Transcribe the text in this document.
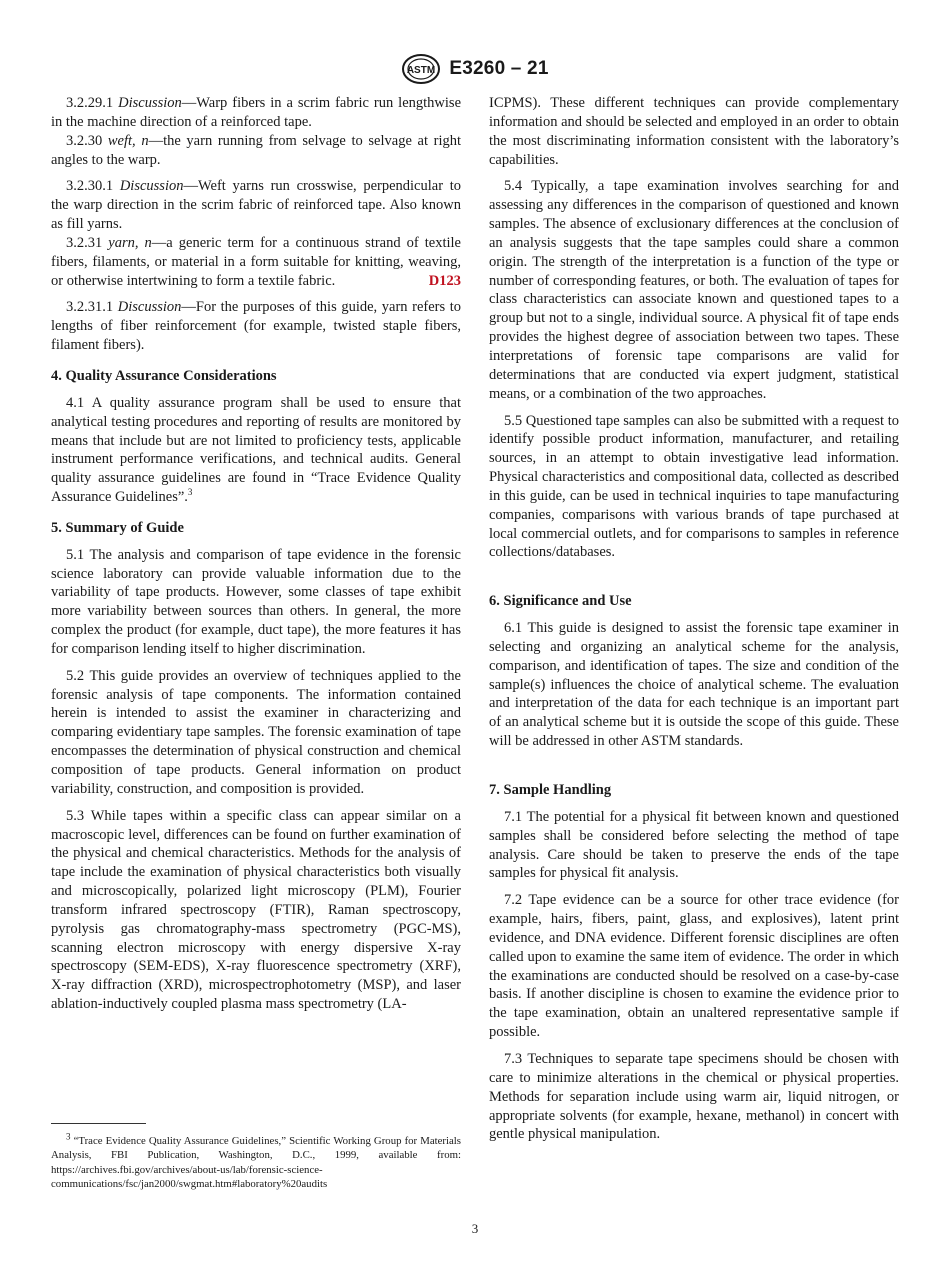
ASTM E3260 – 21

3.2.29.1 Discussion—Warp fibers in a scrim fabric run lengthwise in the machine direction of a reinforced tape.

3.2.30 weft, n—the yarn running from selvage to selvage at right angles to the warp.

3.2.30.1 Discussion—Weft yarns run crosswise, perpendicular to the warp direction in the scrim fabric of reinforced tape. Also known as fill yarns.

3.2.31 yarn, n—a generic term for a continuous strand of textile fibers, filaments, or material in a form suitable for knitting, weaving, or otherwise intertwining to form a textile fabric.	D123

3.2.31.1 Discussion—For the purposes of this guide, yarn refers to lengths of fiber reinforcement (for example, twisted staple fibers, filament fibers).

4. Quality Assurance Considerations

4.1 A quality assurance program shall be used to ensure that analytical testing procedures and reporting of results are monitored by means that include but are not limited to proficiency tests, applicable instrument performance verifications, and technical audits. General quality assurance guidelines are found in “Trace Evidence Quality Assurance Guidelines”.$^3$

5. Summary of Guide

5.1 The analysis and comparison of tape evidence in the forensic science laboratory can provide valuable information due to the variability of tape products. However, some classes of tape exhibit more variability between sources than others. In general, the more complex the product (for example, duct tape), the more features it has for comparison lending itself to higher discrimination.

5.2 This guide provides an overview of techniques applied to the forensic analysis of tape components. The information contained herein is intended to assist the examiner in characterizing and comparing evidentiary tape samples. The forensic examination of tape encompasses the determination of physical construction and chemical composition of tape products. General information on product variability, construction, and composition is provided.

5.3 While tapes within a specific class can appear similar on a macroscopic level, differences can be found on further examination of the physical and chemical characteristics. Methods for the analysis of tape include the examination of physical characteristics both visually and microscopically, polarized light microscopy (PLM), Fourier transform infrared spectroscopy (FTIR), Raman spectroscopy, pyrolysis gas chromatography-mass spectrometry (PGC-MS), scanning electron microscopy with energy dispersive X-ray spectroscopy (SEM-EDS), X-ray fluorescence spectrometry (XRF), X-ray diffraction (XRD), microspectrophotometry (MSP), and laser ablation-inductively coupled plasma mass spectrometry (LA-

$^3$ “Trace Evidence Quality Assurance Guidelines,” Scientific Working Group for Materials Analysis, FBI Publication, Washington, D.C., 1999, available from: https://archives.fbi.gov/archives/about-us/lab/forensic-science-communications/fsc/jan2000/swgmat.htm#laboratory%20audits

ICPMS). These different techniques can provide complementary information and should be selected and employed in an order to obtain the most discriminating information consistent with the laboratory’s capabilities.

5.4 Typically, a tape examination involves searching for and assessing any differences in the comparison of questioned and known samples. The absence of exclusionary differences at the conclusion of an analysis suggests that the tape samples could share a common origin. The strength of the interpretation is a function of the type or number of corresponding features, or both. The evaluation of tapes for class characteristics can associate known and questioned tapes to a group but not to a single, individual source. A physical fit of tape ends provides the highest degree of association between two tapes. These interpretations of forensic tape comparisons are valid for determinations that are conducted via expert judgment, statistical means, or a combination of the two approaches.

5.5 Questioned tape samples can also be submitted with a request to identify possible product information, manufacturer, and retailing sources, in an attempt to obtain investigative lead information. Physical characteristics and compositional data, collected as described in this guide, can be used in technical inquiries to tape manufacturing companies, comparisons with various brands of tape purchased at local commercial outlets, and for comparisons to samples in reference collections/databases.

6. Significance and Use

6.1 This guide is designed to assist the forensic tape examiner in selecting and organizing an analytical scheme for the analysis, comparison, and identification of tapes. The size and condition of the sample(s) influences the choice of analytical scheme. The evaluation and interpretation of the data for each technique is an important part of an analytical scheme but it is outside the scope of this guide. These will be addressed in other ASTM standards.

7. Sample Handling

7.1 The potential for a physical fit between known and questioned samples shall be considered before selecting the method of tape analysis. Care should be taken to preserve the ends of the tape samples for physical fit analysis.

7.2 Tape evidence can be a source for other trace evidence (for example, hairs, fibers, paint, glass, and explosives), latent print evidence, and DNA evidence. Different forensic disciplines are often called upon to examine the same item of evidence. The order in which the examinations are conducted should be resolved on a case-by-case basis. If another discipline is chosen to examine the evidence prior to the tape examination, obtain an unaltered representative sample if possible.

7.3 Techniques to separate tape specimens should be chosen with care to minimize alterations in the chemical or physical properties. Methods for separation include using warm air, liquid nitrogen, or appropriate solvents (for example, hexane, methanol) in concert with gentle physical manipulation.

3
